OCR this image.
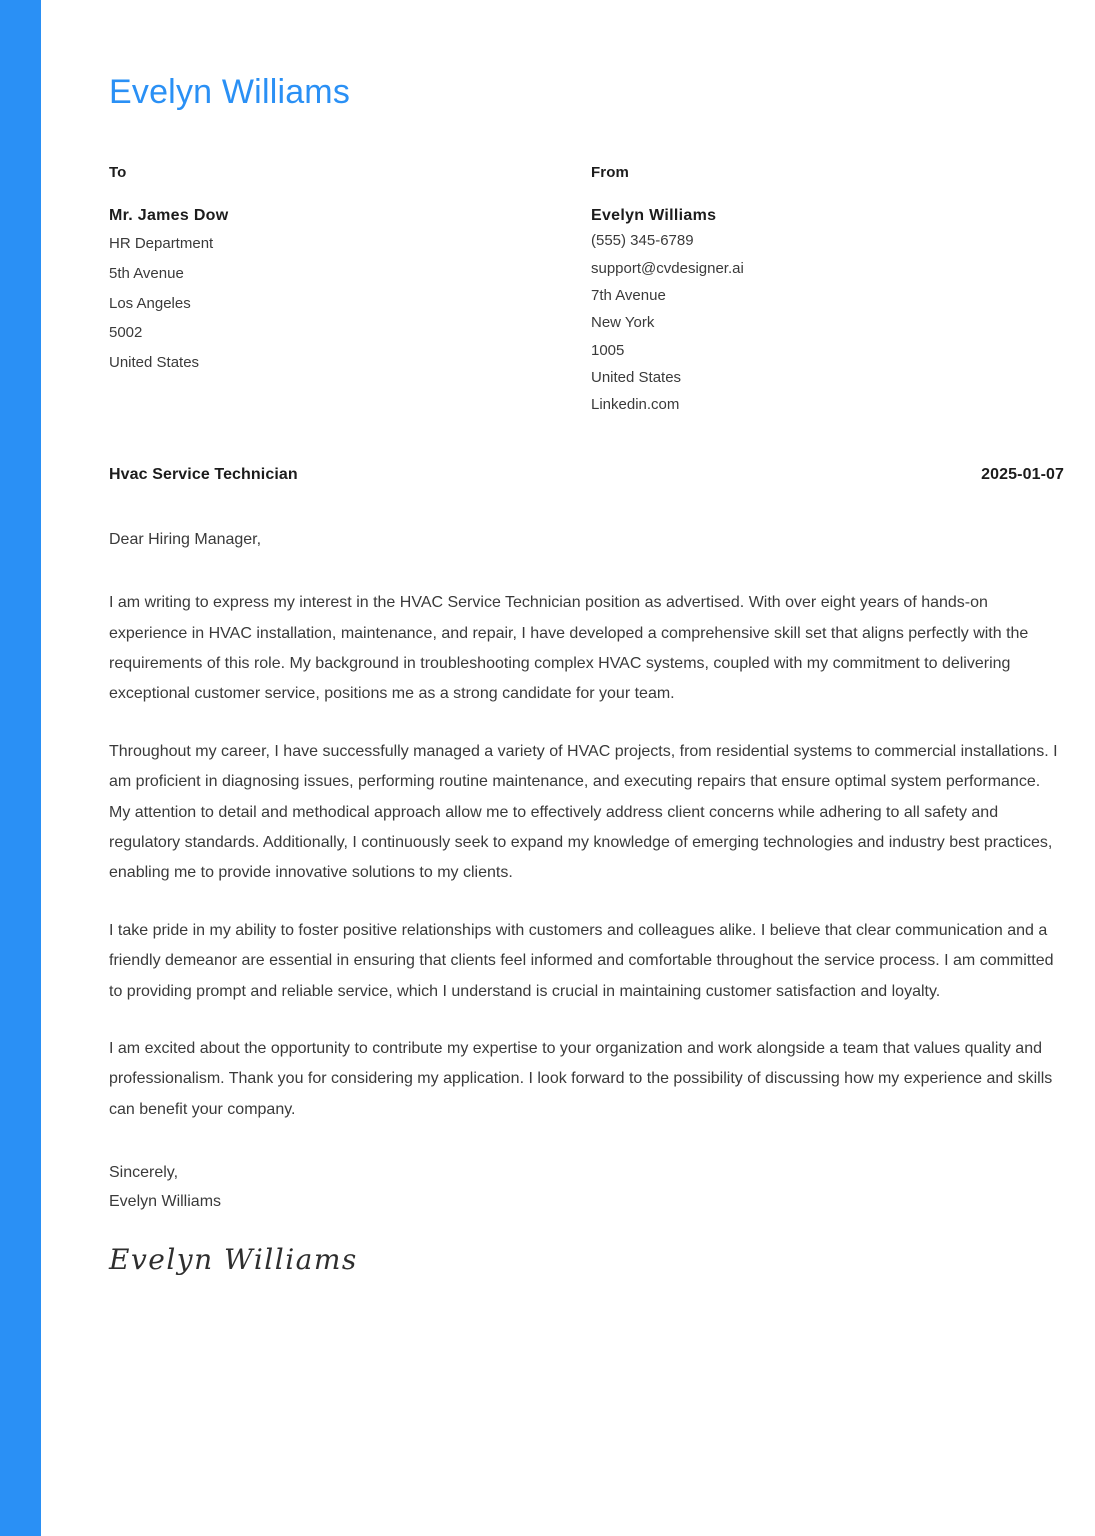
Evelyn Williams
To
Mr. James Dow
HR Department
5th Avenue
Los Angeles
5002
United States
From
Evelyn Williams
(555) 345-6789
support@cvdesigner.ai
7th Avenue
New York
1005
United States
Linkedin.com
Hvac Service Technician	2025-01-07

Dear Hiring Manager,

I am writing to express my interest in the HVAC Service Technician position as advertised. With over eight years of hands-on experience in HVAC installation, maintenance, and repair, I have developed a comprehensive skill set that aligns perfectly with the requirements of this role. My background in troubleshooting complex HVAC systems, coupled with my commitment to delivering exceptional customer service, positions me as a strong candidate for your team.

Throughout my career, I have successfully managed a variety of HVAC projects, from residential systems to commercial installations. I am proficient in diagnosing issues, performing routine maintenance, and executing repairs that ensure optimal system performance. My attention to detail and methodical approach allow me to effectively address client concerns while adhering to all safety and regulatory standards. Additionally, I continuously seek to expand my knowledge of emerging technologies and industry best practices, enabling me to provide innovative solutions to my clients.

I take pride in my ability to foster positive relationships with customers and colleagues alike. I believe that clear communication and a friendly demeanor are essential in ensuring that clients feel informed and comfortable throughout the service process. I am committed to providing prompt and reliable service, which I understand is crucial in maintaining customer satisfaction and loyalty.

I am excited about the opportunity to contribute my expertise to your organization and work alongside a team that values quality and professionalism. Thank you for considering my application. I look forward to the possibility of discussing how my experience and skills can benefit your company.

Sincerely,
Evelyn Williams
Evelyn Williams
